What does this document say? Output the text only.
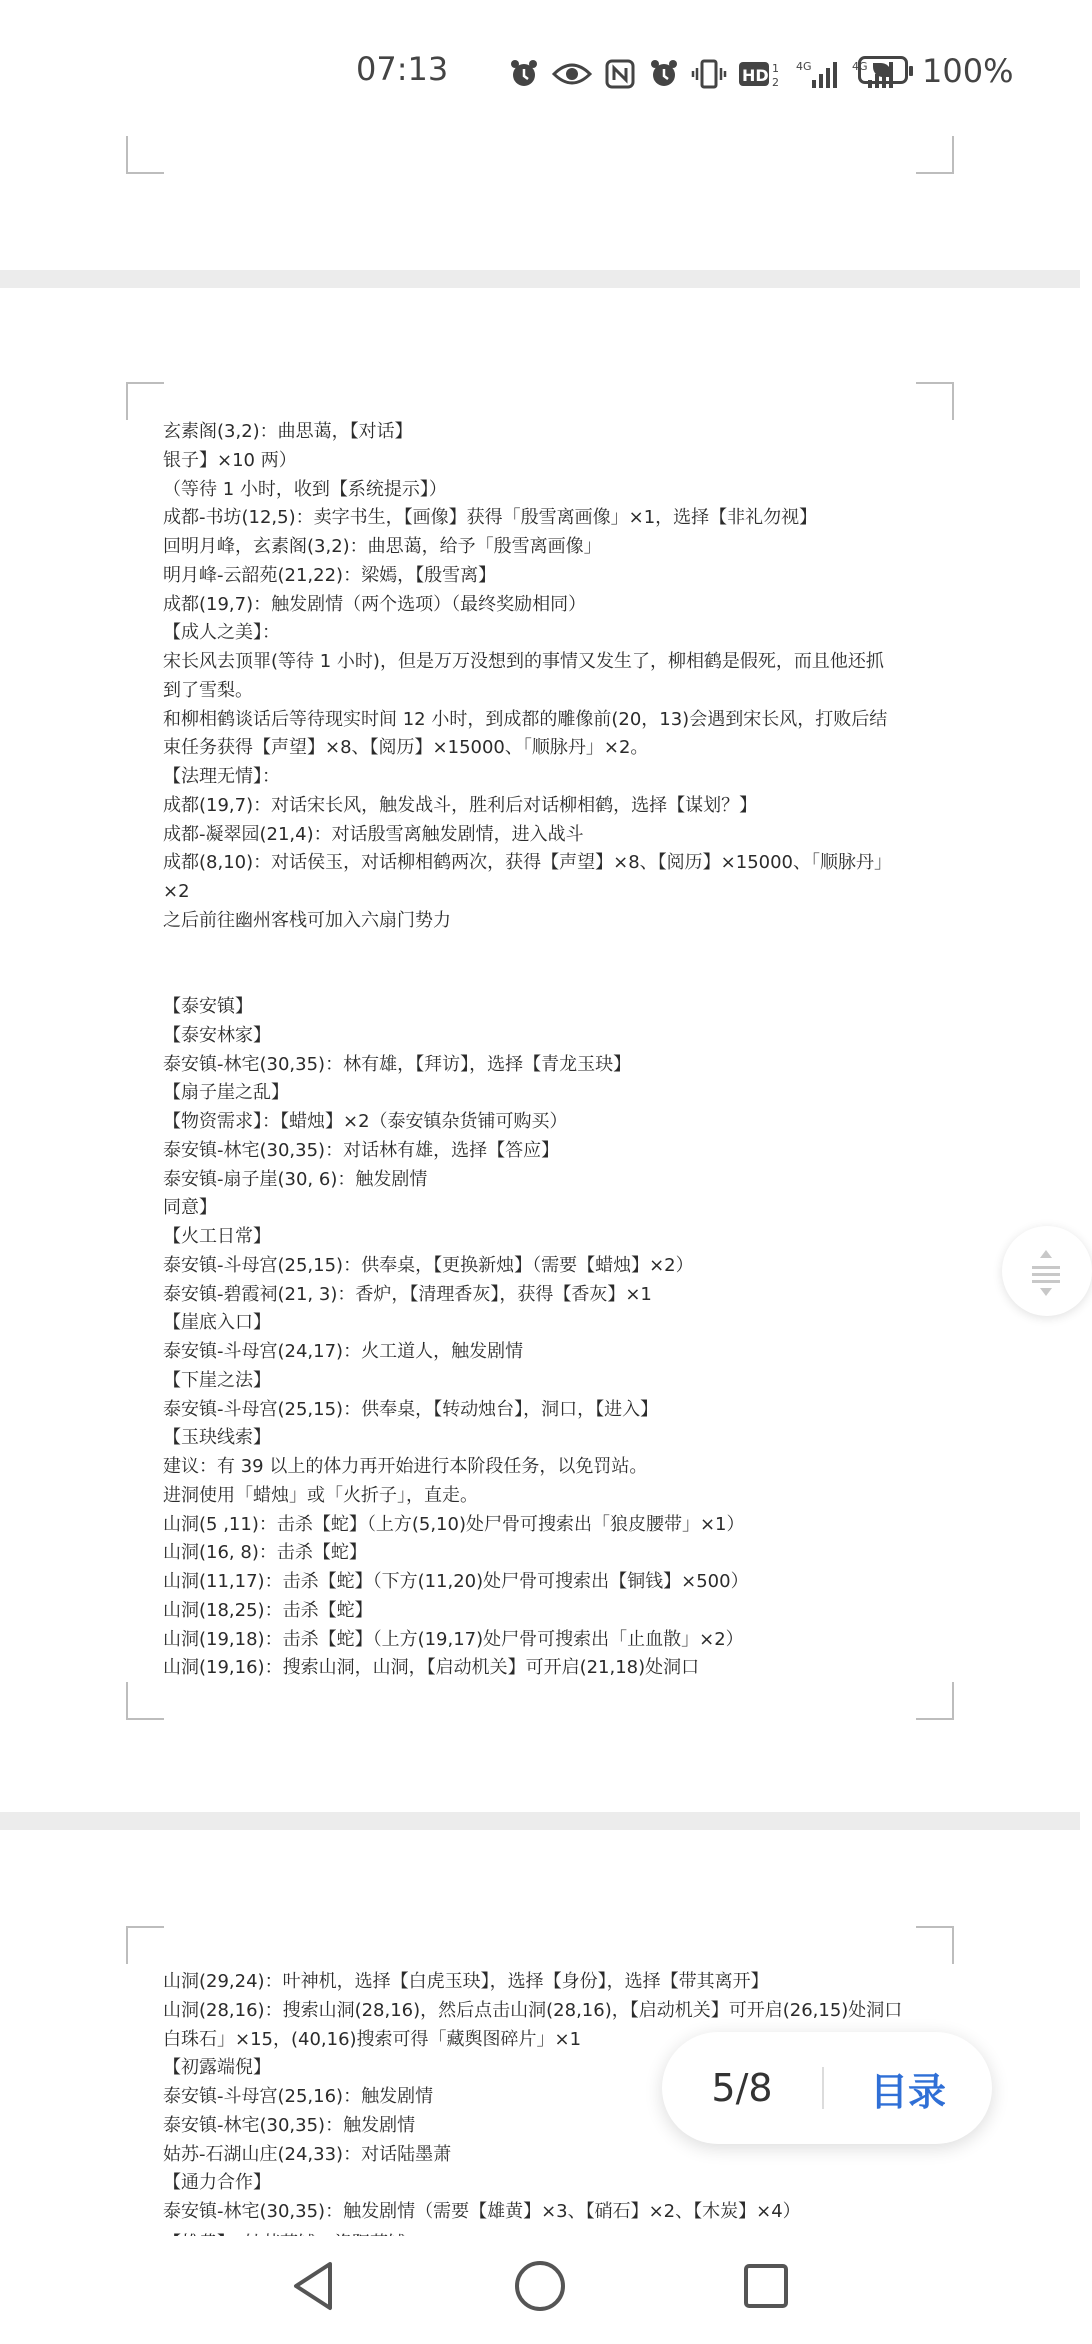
07:13	HD 1
2
4G	4G 100%
玄素阁(3,2)：曲思蔼，【对话】
银子】×10 两）
（等待 1 小时，收到【系统提示】）
成都-书坊(12,5)：卖字书生，【画像】获得「殷雪离画像」×1，选择【非礼勿视】
回明月峰，玄素阁(3,2)：曲思蔼，给予「殷雪离画像」
明月峰-云韶苑(21,22)：梁嫣，【殷雪离】
成都(19,7)：触发剧情（两个选项）（最终奖励相同）
【成人之美】：
宋长风去顶罪(等待 1 小时)，但是万万没想到的事情又发生了，柳相鹤是假死，而且他还抓
到了雪梨。
和柳相鹤谈话后等待现实时间 12 小时，到成都的雕像前(20，13)会遇到宋长风，打败后结
束任务获得【声望】×8、【阅历】×15000、「顺脉丹」×2。
【法理无情】：
成都(19,7)：对话宋长风，触发战斗，胜利后对话柳相鹤，选择【谋划？】
成都-凝翠园(21,4)：对话殷雪离触发剧情，进入战斗
成都(8,10)：对话侯玉，对话柳相鹤两次，获得【声望】×8、【阅历】×15000、「顺脉丹」
×2
之后前往幽州客栈可加入六扇门势力
【泰安镇】
【泰安林家】
泰安镇-林宅(30,35)：林有雄，【拜访】，选择【青龙玉玦】
【扇子崖之乱】
【物资需求】：【蜡烛】×2（泰安镇杂货铺可购买）
泰安镇-林宅(30,35)：对话林有雄，选择【答应】
泰安镇-扇子崖(30, 6)：触发剧情
同意】
【火工日常】
泰安镇-斗母宫(25,15)：供奉桌，【更换新烛】（需要【蜡烛】×2）
泰安镇-碧霞祠(21, 3)：香炉，【清理香灰】，获得【香灰】×1
【崖底入口】
泰安镇-斗母宫(24,17)：火工道人，触发剧情
【下崖之法】
泰安镇-斗母宫(25,15)：供奉桌，【转动烛台】，洞口，【进入】
【玉玦线索】
建议：有 39 以上的体力再开始进行本阶段任务，以免罚站。
进洞使用「蜡烛」或「火折子」，直走。
山洞(5 ,11)：击杀【蛇】（上方(5,10)处尸骨可搜索出「狼皮腰带」×1）
山洞(16, 8)：击杀【蛇】
山洞(11,17)：击杀【蛇】（下方(11,20)处尸骨可搜索出【铜钱】×500）
山洞(18,25)：击杀【蛇】
山洞(19,18)：击杀【蛇】（上方(19,17)处尸骨可搜索出「止血散」×2）
山洞(19,16)：搜索山洞，山洞，【启动机关】可开启(21,18)处洞口
山洞(29,24)：叶神机，选择【白虎玉玦】，选择【身份】，选择【带其离开】
山洞(28,16)：搜索山洞(28,16)，然后点击山洞(28,16)，【启动机关】可开启(26,15)处洞口
白珠石」×15，(40,16)搜索可得「藏舆图碎片」×1
【初露端倪】
泰安镇-斗母宫(25,16)：触发剧情
泰安镇-林宅(30,35)：触发剧情
姑苏-石湖山庄(24,33)：对话陆墨萧
【通力合作】
泰安镇-林宅(30,35)：触发剧情（需要【雄黄】×3、【硝石】×2、【木炭】×4）
5/8	目录
